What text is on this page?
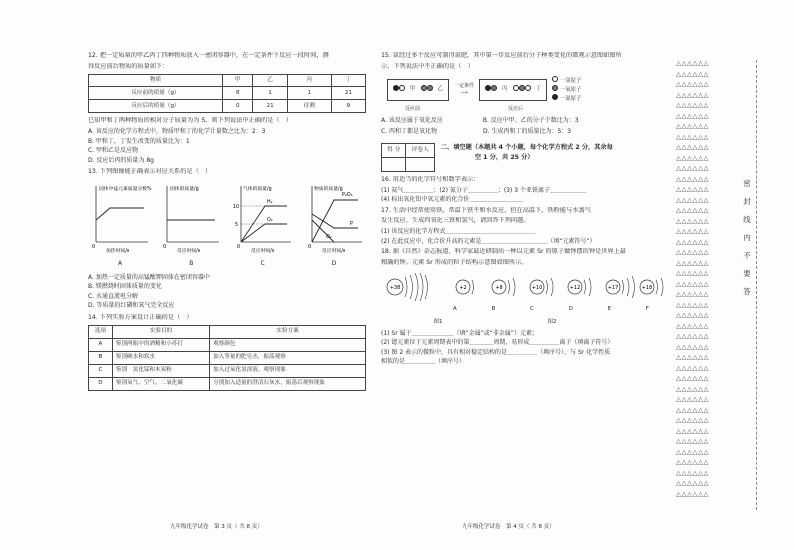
12. 把一定质量的甲乙丙丁四种物质放入一密闭容器中，在一定条件下反应一段时间，测
得反应前后物质的质量如下：
物质	甲	乙	丙	丁
反应前的质量（g）	8	1	1	21
反应后的质量（g）	0	21	待测	9
已知甲和丁两种物质的相对分子质量为为 5，则下列说法中正确的是（　）
A. 该反应的化学方程式中，物质甲和丁的化学计量数之比为：2：3
B. 甲和丁，丁发生改变的质量比为：1
C. 甲和乙是反应物
D. 反应后丙的质量为 8g
13. 下列图像能正确表示对应关系的是（　）
固体中锰元素质量分数%
0
加热时间/s
A
固体的质量/g
0
反应时间/s
B
气体的质量/g
10
5
H₂
O₂
0
反应时间/s
C
物质的质量/g
P₂O₅
P
O₂
0
反应时间/s
D
A. 加热一定质量的高锰酸钾固体在密闭容器中
B. 镁燃烧时固体质量的变化
C. 水通直流电分解
D. 等质量的红磷和氧气完全反应
14. 下列实验方案设计正确的是（　）
选项	实验目的	实验方案
A	鉴别两瓶中的酒精和小苏打	观察颜色
B	鉴别硬水和软水	加入等量的肥皂水，振荡观察
C	鉴别　氢化锰和木炭粉	加入过氧化氢溶液，观察现象
D	鉴别氧气、空气、二氧化碳	分别加入适量的澄清石灰水，振荡后观察现象
九年级化学试卷　第 3 页（ 共 8 页）
15. 氨经过多个反应可制得氮肥，其中第一步反应前后分子种类变化的微观示意图如图所
示，下列说法中不正确的是（　）
甲	乙 一定条件
⟶
丙	丁
一氢原子
一氧原子
一氮原子
反应前	反应后
A. 该反应属于氧化反应	B. 反应中甲、乙的分子个数比为：3
C. 丙和丁都是氧化物	D. 生成丙和丁的质量比为：5：3
得 分	评卷人
	二、填空题（本题共 4 个小题，每个化学方程式 2 分，其余每
空 1 分，共 25 分）
16. 用适当的化学符号和数字表示：
(1) 氦气＿＿＿＿＿；(2) 氮分子＿＿＿＿＿；(3) 3 个亚铁离子＿＿＿＿＿＿
(4) 标出氧化铝中氧元素的化合价＿＿＿＿＿＿＿＿＿
17. 生活中经常使用铁。常温下铁不和水反应，但在高温下，铁粉能与水蒸气
发生反应，生成四氧化三铁和氢气，请回答下列问题。
(1) 该反应的化学方程式＿＿＿＿＿＿＿＿＿＿＿＿＿＿＿
(2) 在此反应中，化合价升高的元素是＿＿＿＿＿＿＿＿＿＿＿（填“元素符号”）
18. 据《自然》杂志报道，科学家最近研制出一种以元素 Sr 的原子做钟摆的钟是世界上最
精确的钟。元素 Sr 形成的粒子结构示意图如图所示。
+38	+2	+8	+10	+12	+17	+18
A	B	C	D	E	F
图1	图2
(1) Sr 属于＿＿＿＿＿＿＿（填“金属”或“非金属”）元素；
(2) 锶元素位于元素周期表中的第＿＿＿＿周期，易形成＿＿＿＿＿离子（填离子符号）
(3) 图 2 表示的微粒中，具有相对稳定结构的是＿＿＿＿＿（填序号），与 Sr 化学性质
相似的是＿＿＿＿＿（填序号）
九年级化学试卷　第 4 页（ 共 8 页）
△△△△△△
△△△△△△
△△△△△△
△△△△△△
△△△△△△
△△△△△△
△△△△△△
△△△△△△
△△△△△△
△△△△△△
△△△△△△
△△△△△△
△△△△△△
△△△△△△
△△△△△△
△△△△△△
△△△△△△
△△△△△△
△△△△△△
△△△△△△
△△△△△△
△△△△△△
△△△△△△
△△△△△△
△△△△△△
△△△△△△
△△△△△△
△△△△△△
△△△△△△
△△△△△△
△△△△△△
△△△△△△
△△△△△△
△△△△△△
△△△△△△
△△△△△△
△△△△△△
△△△△△△
△△△△△△
△△△△△△
△△△△△△
△△△△△△
密
封
线
内
不
要
答
